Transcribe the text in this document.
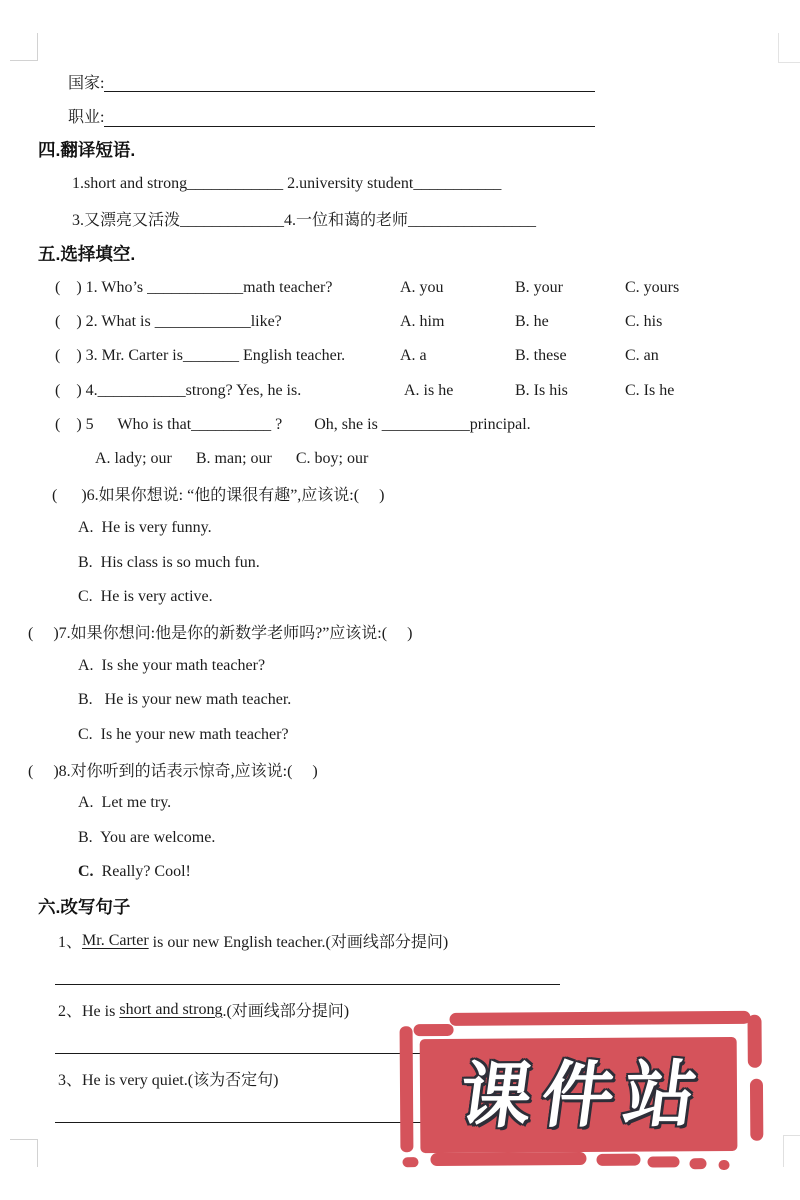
国家:
职业:
四.翻译短语.
1.short and strong____________ 2.university student___________
3.又漂亮又活泼_____________4.一位和蔼的老师________________
五.选择填空.
(    ) 1. Who’s ____________math teacher?	A. you	B. your	C. yours
(    ) 2. What is ____________like?	A. him	B. he	C. his
(    ) 3. Mr. Carter is_______ English teacher.	A. a	B. these	C. an
(    ) 4.___________strong? Yes, he is.	A. is he	B. Is his	C. Is he
(    ) 5      Who is that__________ ?        Oh, she is ___________principal.
A. lady; our      B. man; our      C. boy; our
(      )6.如果你想说: “他的课很有趣”,应该说:(     )
A.  He is very funny.
B.  His class is so much fun.
C.  He is very active.
(     )7.如果你想问:他是你的新数学老师吗?”应该说:(     )
A.  Is she your math teacher?
B.   He is your new math teacher.
C.  Is he your new math teacher?
(     )8.对你听到的话表示惊奇,应该说:(     )
A.  Let me try.
B.  You are welcome.
C. Really? Cool!
六.改写句子
1、 Mr. Carter is our new English teacher.(对画线部分提问)
2、He is short and strong .(对画线部分提问)
3、He is very quiet.(该为否定句) 课件站
